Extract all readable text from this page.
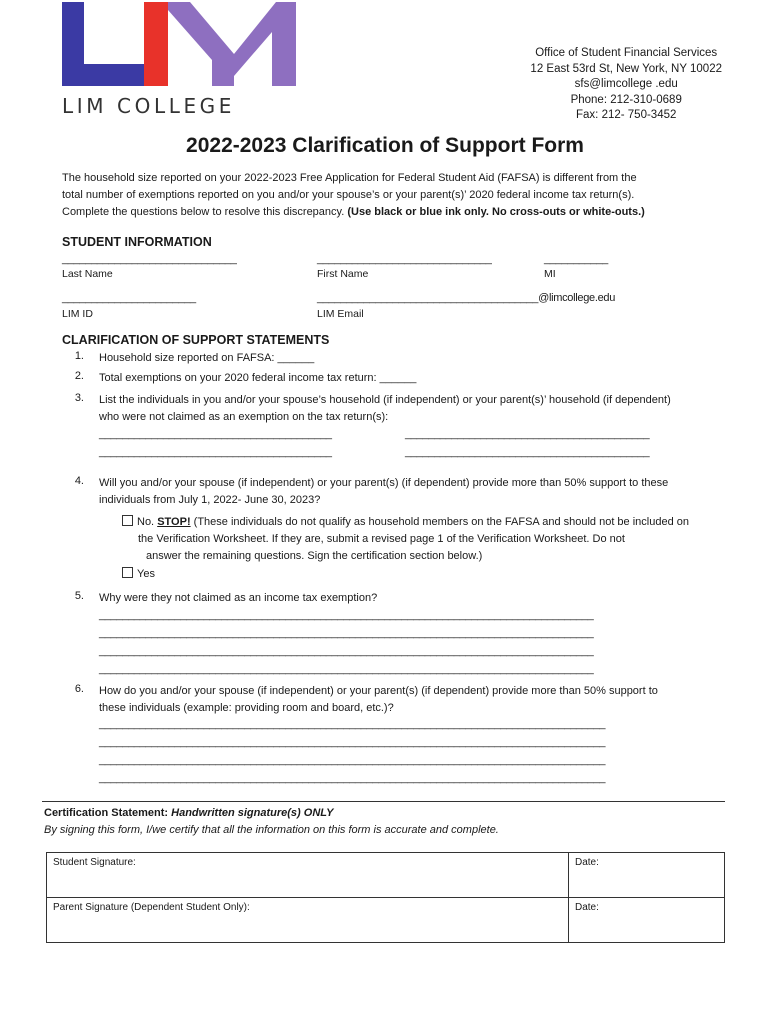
LIM COLLEGE
Office of Student Financial Services
12 East 53rd St, New York, NY 10022
sfs@limcollege .edu
Phone: 212-310-0689
Fax: 212- 750-3452
2022-2023 Clarification of Support Form
The household size reported on your 2022-2023 Free Application for Federal Student Aid (FAFSA) is different from the
total number of exemptions reported on you and/or your spouse’s or your parent(s)’ 2020 federal income tax return(s).
Complete the questions below to resolve this discrepancy. (Use black or blue ink only. No cross-outs or white-outs.)
STUDENT INFORMATION
______________________________	______________________________	___________
Last Name	First Name	MI
_______________________	______________________________________@limcollege.edu
LIM ID	LIM Email
CLARIFICATION OF SUPPORT STATEMENTS
1. Household size reported on FAFSA: ______
2. Total exemptions on your 2020 federal income tax return: ______
3. List the individuals in you and/or your spouse’s household (if independent) or your parent(s)’ household (if dependent)
who were not claimed as an exemption on the tax return(s):
________________________________________	__________________________________________
________________________________________	__________________________________________
4. Will you and/or your spouse (if independent) or your parent(s) (if dependent) provide more than 50% support to these
individuals from July 1, 2022- June 30, 2023?
No. STOP! (These individuals do not qualify as household members on the FAFSA and should not be included on
the Verification Worksheet. If they are, submit a revised page 1 of the Verification Worksheet. Do not
answer the remaining questions. Sign the certification section below.)
Yes
5. Why were they not claimed as an income tax exemption?
_____________________________________________________________________________________
_____________________________________________________________________________________
_____________________________________________________________________________________
_____________________________________________________________________________________
6. How do you and/or your spouse (if independent) or your parent(s) (if dependent) provide more than 50% support to
these individuals (example: providing room and board, etc.)?
_______________________________________________________________________________________
_______________________________________________________________________________________
_______________________________________________________________________________________
_______________________________________________________________________________________
Certification Statement: Handwritten signature(s) ONLY
By signing this form, I/we certify that all the information on this form is accurate and complete.
Student Signature:	Date:
Parent Signature (Dependent Student Only):	Date:
